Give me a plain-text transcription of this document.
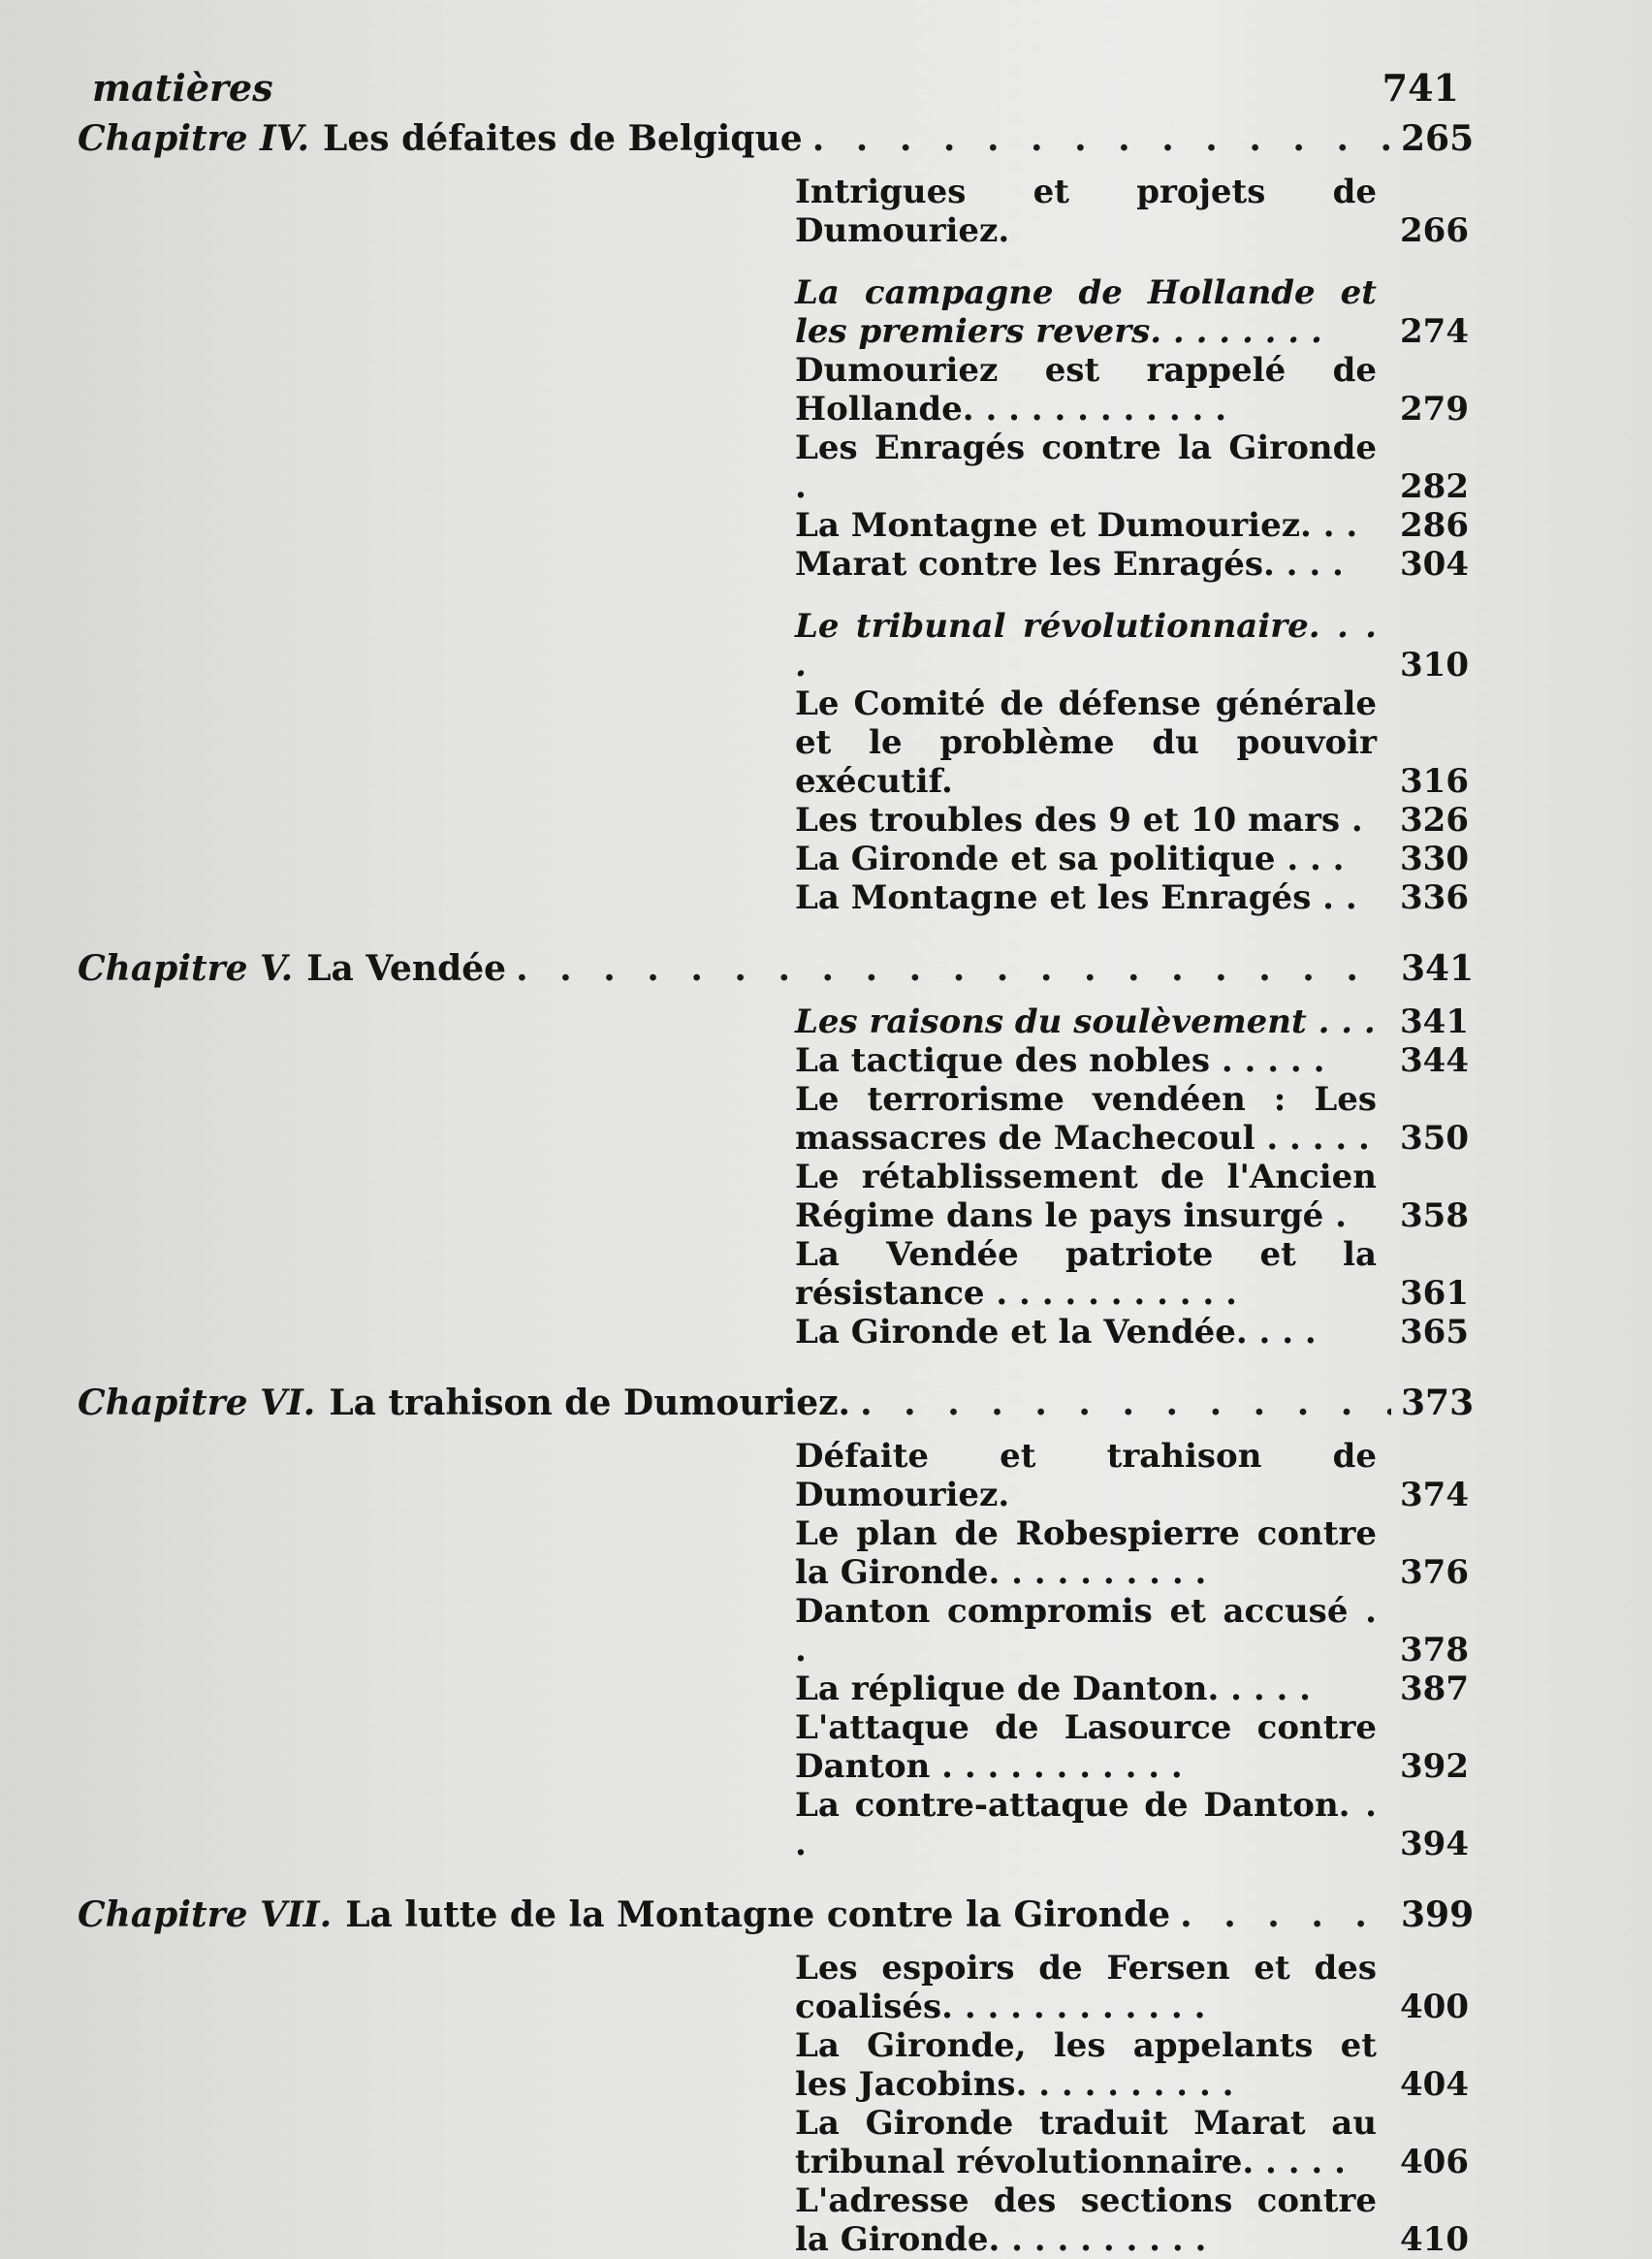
matières	741
Chapitre IV. Les défaites de Belgique . . .	265
Intrigues et projets de Dumouriez.	266
La campagne de Hollande et les premiers revers. . . . . . . .	274
Dumouriez est rappelé de Hollande. . . . . . . . . . . .	279
Les Enragés contre la Gironde .	282
La Montagne et Dumouriez. . .	286
Marat contre les Enragés. . . .	304
Le tribunal révolutionnaire. . . .	310
Le Comité de défense générale et le problème du pouvoir exécutif.	316
Les troubles des 9 et 10 mars .	326
La Gironde et sa politique . . .	330
La Montagne et les Enragés . .	336
Chapitre V. La Vendée . . .	341
Les raisons du soulèvement . . . 341
La tactique des nobles . . . . .	344
Le terrorisme vendéen : Les massacres de Machecoul . . . . . 350
Le rétablissement de l'Ancien Régime dans le pays insurgé .	358
La Vendée patriote et la résistance . . . . . . . . . . .	361
La Gironde et la Vendée. . . .	365
Chapitre VI. La trahison de Dumouriez. . . .	373
Défaite et trahison de Dumouriez.	374
Le plan de Robespierre contre la Gironde. . . . . . . . . .	376
Danton compromis et accusé . .	378
La réplique de Danton. . . . .	387
L'attaque de Lasource contre Danton . . . . . . . . . . .	392
La contre-attaque de Danton. . .	394
Chapitre VII. La lutte de la Montagne contre la Gironde . . .	399
Les espoirs de Fersen et des coalisés. . . . . . . . . . . .	400
La Gironde, les appelants et les Jacobins. . . . . . . . . .	404
La Gironde traduit Marat au tribunal révolutionnaire. . . . .	406
L'adresse des sections contre la Gironde. . . . . . . . . .	410
